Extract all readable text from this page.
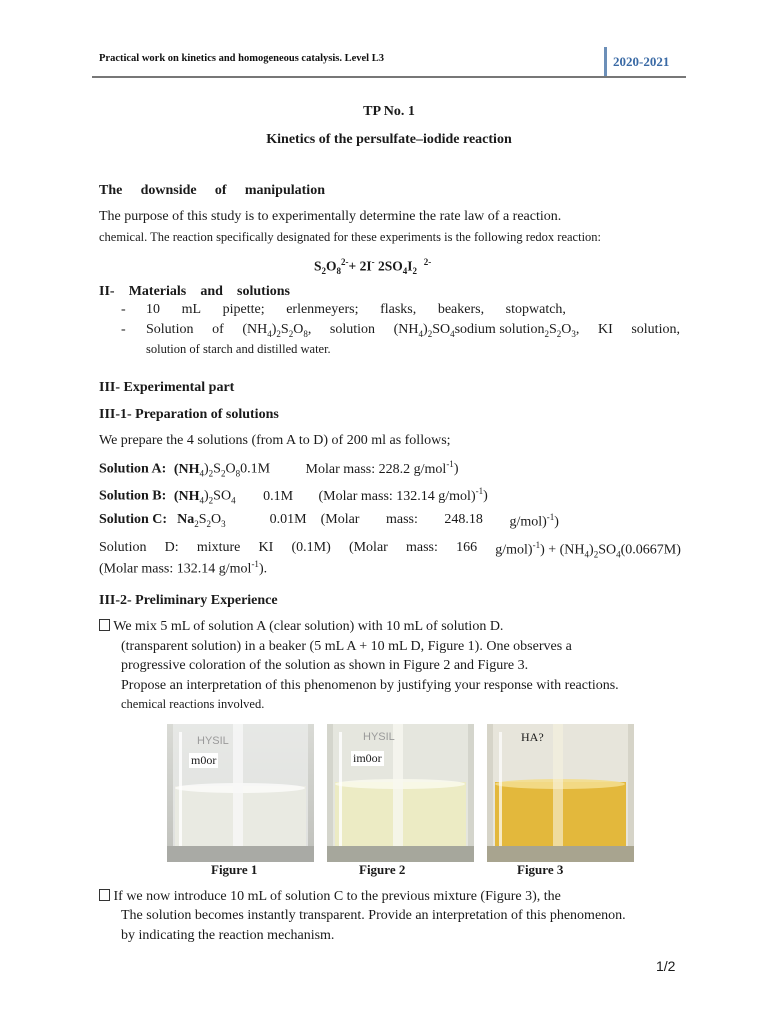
Practical work on kinetics and homogeneous catalysis. Level L3	2020-2021
TP No. 1
Kinetics of the persulfate–iodide reaction
The downside of manipulation
The purpose of this study is to experimentally determine the rate law of a reaction.
chemical. The reaction specifically designated for these experiments is the following redox reaction:
$S_2O_8^{2-}+ 2I^-$ $2SO_4I_2$  $^{2-}$
II- Materials and solutions
- 10 mL pipette; erlenmeyers; flasks, beakers, stopwatch,
- Solution of $(NH_4)_2S_2O_8$, solution $(NH_4)_2SO_4sodium$ $solution_2S_2O_3$, KI solution,
solution of starch and distilled water.
III- Experimental part
III-1- Preparation of solutions
We prepare the 4 solutions (from A to D) of 200 ml as follows;
Solution A: $(NH_4)_2S_2O_80.1M$	Molar mass: 228.2 g/mol$^{-1}$)
Solution B: $(NH_4)_2SO_4$ 0.1M (Molar mass: 132.14 g/mol)$^{-1}$)
Solution C: $Na_2S_2O_3$	0.01M (Molar mass: 248.18 g/mol)$^{-1}$)
Solution D: mixture KI (0.1M) (Molar mass: 166 $g/mol)^{-1}) + (NH_4)_2SO_4(0.0667M)$
(Molar mass: 132.14 g/mol$^{-1}$).
III-2- Preliminary Experience
We mix 5 mL of solution A (clear solution) with 10 mL of solution D.
(transparent solution) in a beaker (5 mL A + 10 mL D, Figure 1). One observes a
progressive coloration of the solution as shown in Figure 2 and Figure 3.
Propose an interpretation of this phenomenon by justifying your response with reactions.
chemical reactions involved.
HYSIL
m0or
HYSIL
im0or
HA?
Figure 1	Figure 2	Figure 3
If we now introduce 10 mL of solution C to the previous mixture (Figure 3), the
The solution becomes instantly transparent. Provide an interpretation of this phenomenon.
by indicating the reaction mechanism.
1/2
